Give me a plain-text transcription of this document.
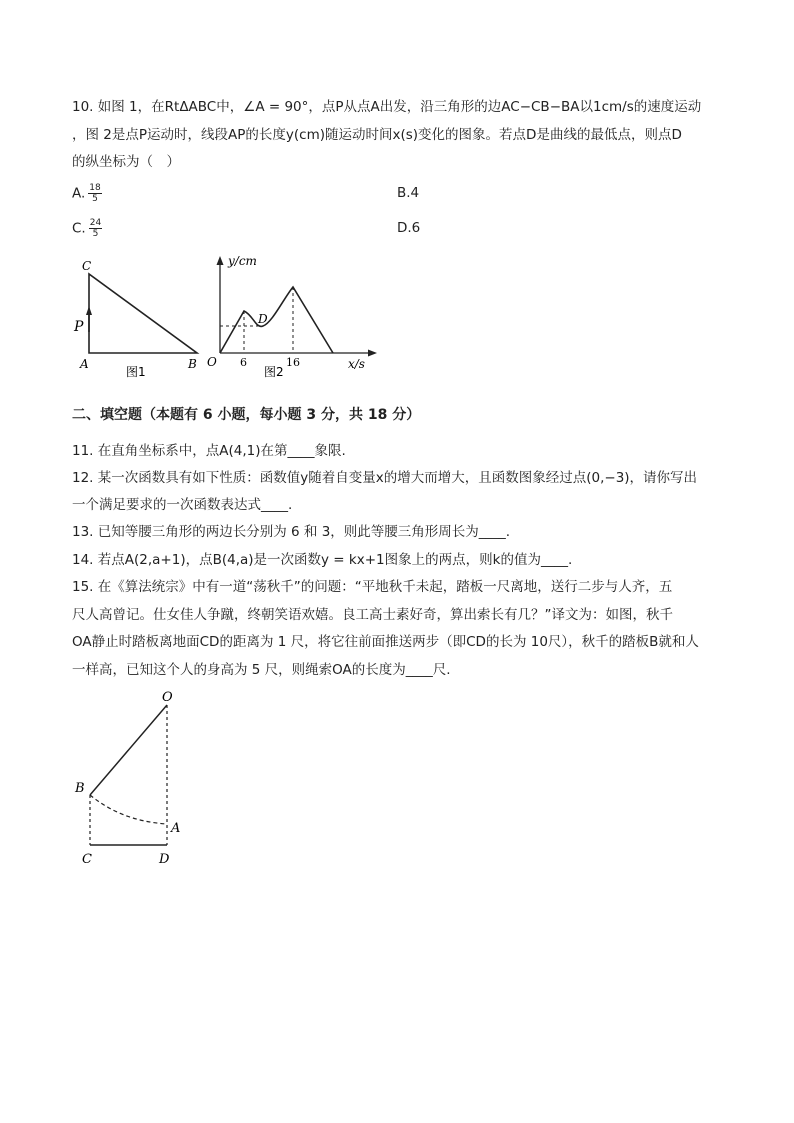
10. 如图 1，在RtΔABC中，∠A = 90°，点P从点A出发，沿三角形的边AC−CB−BA以1cm/s的速度运动
，图 2是点P运动时，线段AP的长度y(cm)随运动时间x(s)变化的图象。若点D是曲线的最低点，则点D
的纵坐标为（　）
A. $\frac{18}{5}$	B.4
C. $\frac{24}{5}$	D.6
C
P
A	B
图1
y/cm
x/s
O
D
6	16
图2
二、填空题（本题有 6 小题，每小题 3 分，共 18 分）
11. 在直角坐标系中，点A(4,1)在第____象限.
12. 某一次函数具有如下性质：函数值y随着自变量x的增大而增大，且函数图象经过点(0,−3)，请你写出
一个满足要求的一次函数表达式____.
13. 已知等腰三角形的两边长分别为 6 和 3，则此等腰三角形周长为____.
14. 若点A(2,a+1)，点B(4,a)是一次函数y = kx+1图象上的两点，则k的值为____.
15. 在《算法统宗》中有一道“荡秋千”的问题：“平地秋千未起，踏板一尺离地，送行二步与人齐，五
尺人高曾记。仕女佳人争蹴，终朝笑语欢嬉。良工高士素好奇，算出索长有几？”译文为：如图，秋千
OA静止时踏板离地面CD的距离为 1 尺，将它往前面推送两步（即CD的长为 10尺），秋千的踏板B就和人
一样高，已知这个人的身高为 5 尺，则绳索OA的长度为____尺.
O
B
A
C	D
